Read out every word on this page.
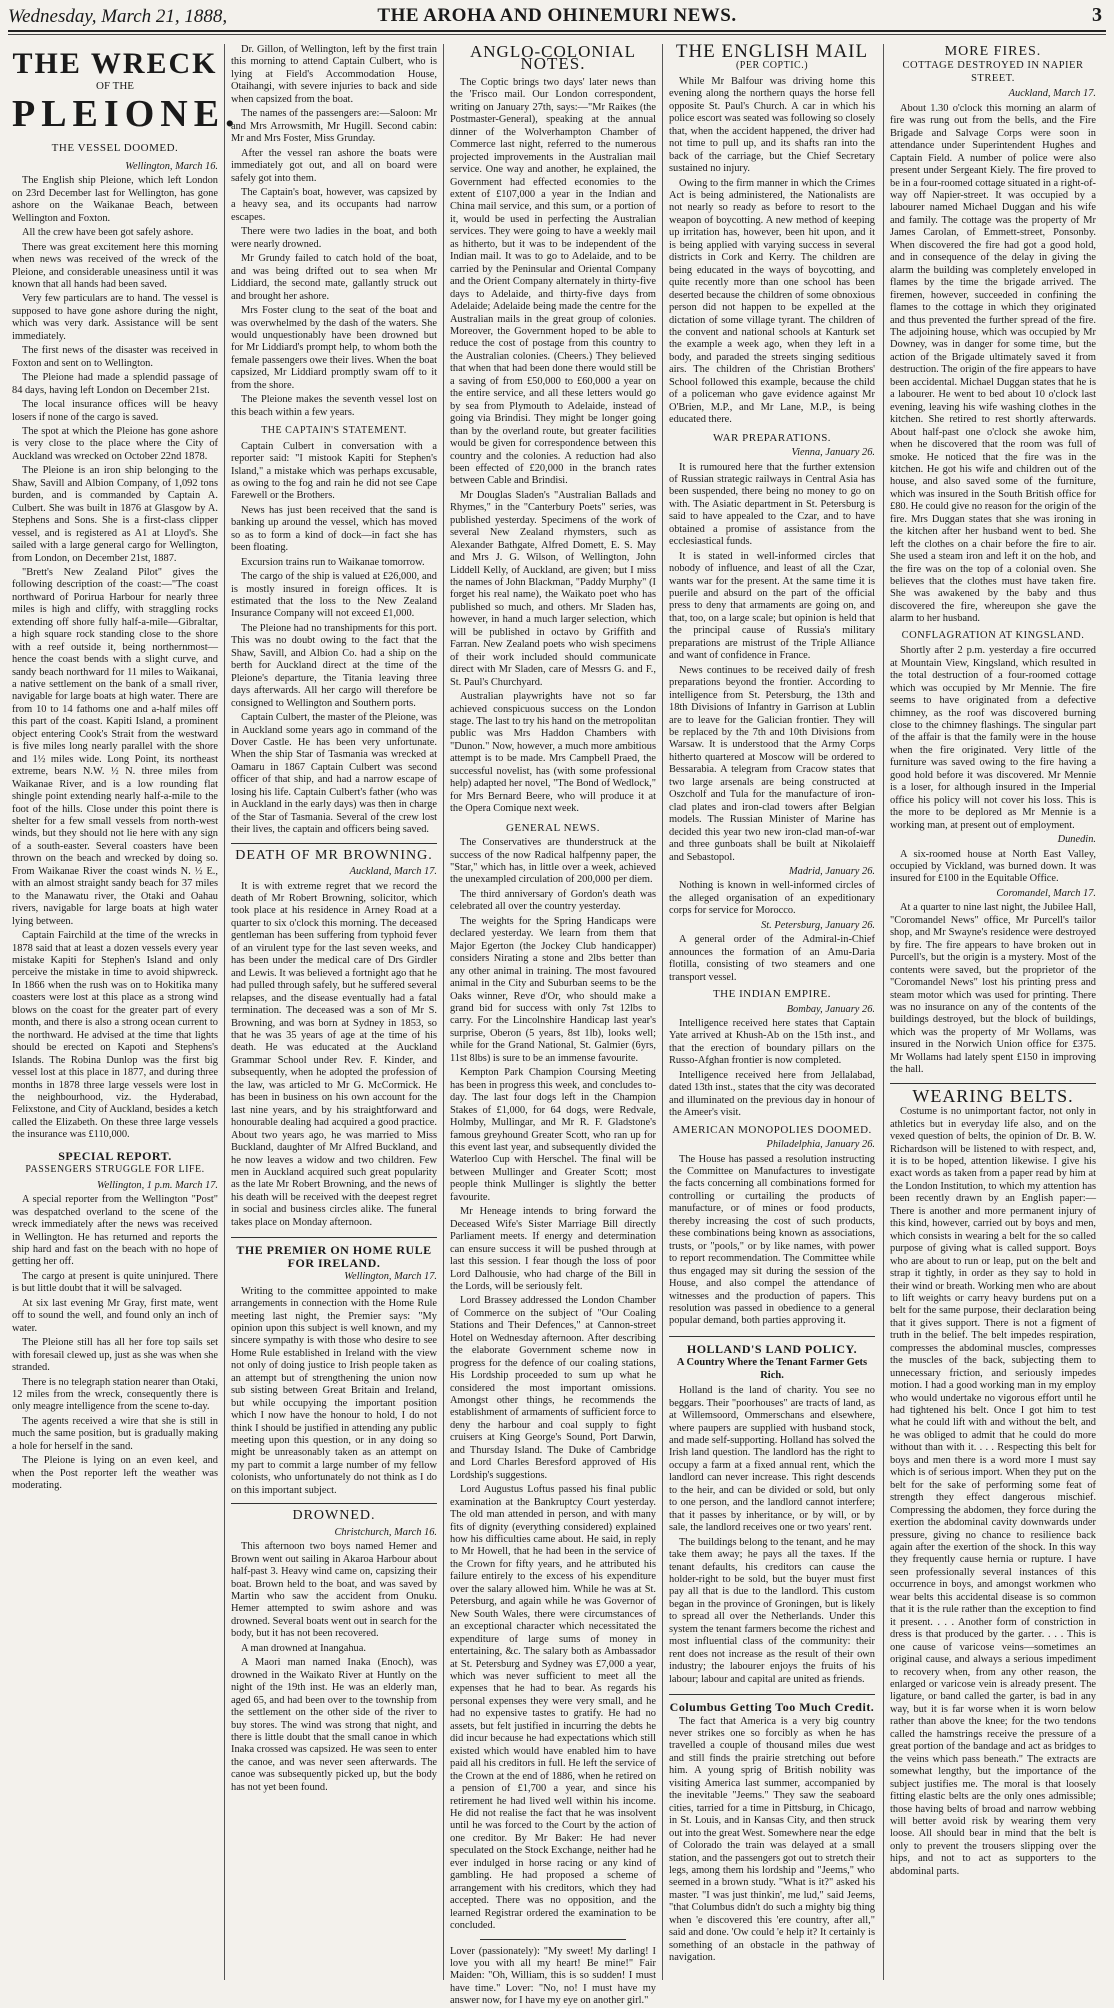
Wednesday, March 21, 1888,	THE AROHA AND OHINEMURI NEWS.	3
THE WRECK
OF THE
PLEIONE.
THE VESSEL DOOMED.
Wellington, March 16.

The English ship Pleione, which left London on 23rd December last for Wellington, has gone ashore on the Waikanae Beach, between Wellington and Foxton.

All the crew have been got safely ashore.

There was great excitement here this morning when news was received of the wreck of the Pleione, and considerable uneasiness until it was known that all hands had been saved.

Very few particulars are to hand. The vessel is supposed to have gone ashore during the night, which was very dark. Assistance will be sent immediately.

The first news of the disaster was received in Foxton and sent on to Wellington.

The Pleione had made a splendid passage of 84 days, having left London on December 21st.

The local insurance offices will be heavy losers if none of the cargo is saved.

The spot at which the Pleione has gone ashore is very close to the place where the City of Auckland was wrecked on October 22nd 1878.

The Pleione is an iron ship belonging to the Shaw, Savill and Albion Company, of 1,092 tons burden, and is commanded by Captain A. Culbert. She was built in 1876 at Glasgow by A. Stephens and Sons. She is a first-class clipper vessel, and is registered as A1 at Lloyd's. She sailed with a large general cargo for Wellington, from London, on December 21st, 1887.

"Brett's New Zealand Pilot" gives the following description of the coast:—"The coast northward of Porirua Harbour for nearly three miles is high and cliffy, with straggling rocks extending off shore fully half-a-mile—Gibraltar, a high square rock standing close to the shore with a reef outside it, being northernmost—hence the coast bends with a slight curve, and sandy beach northward for 11 miles to Waikanai, a native settlement on the bank of a small river, navigable for large boats at high water. There are from 10 to 14 fathoms one and a-half miles off this part of the coast. Kapiti Island, a prominent object entering Cook's Strait from the westward is five miles long nearly parallel with the shore and 1½ miles wide. Long Point, its northeast extreme, bears N.W. ½ N. three miles from Waikanae River, and is a low rounding flat shingle point extending nearly half-a-mile to the foot of the hills. Close under this point there is shelter for a few small vessels from north-west winds, but they should not lie here with any sign of a south-easter. Several coasters have been thrown on the beach and wrecked by doing so. From Waikanae River the coast winds N. ½ E., with an almost straight sandy beach for 37 miles to the Manawatu river, the Otaki and Oahau rivers, navigable for large boats at high water lying between.

Captain Fairchild at the time of the wrecks in 1878 said that at least a dozen vessels every year mistake Kapiti for Stephen's Island and only perceive the mistake in time to avoid shipwreck. In 1866 when the rush was on to Hokitika many coasters were lost at this place as a strong wind blows on the coast for the greater part of every month, and there is also a strong ocean current to the northward. He advised at the time that lights should be erected on Kapoti and Stephens's Islands. The Robina Dunlop was the first big vessel lost at this place in 1877, and during three months in 1878 three large vessels were lost in the neighbourhood, viz. the Hyderabad, Felixstone, and City of Auckland, besides a ketch called the Elizabeth. On these three large vessels the insurance was £110,000.

SPECIAL REPORT.
PASSENGERS STRUGGLE FOR LIFE.
Wellington, 1 p.m. March 17.

A special reporter from the Wellington "Post" was despatched overland to the scene of the wreck immediately after the news was received in Wellington. He has returned and reports the ship hard and fast on the beach with no hope of getting her off.

The cargo at present is quite uninjured. There is but little doubt that it will be salvaged.

At six last evening Mr Gray, first mate, went off to sound the well, and found only an inch of water.

The Pleione still has all her fore top sails set with foresail clewed up, just as she was when she stranded.

There is no telegraph station nearer than Otaki, 12 miles from the wreck, consequently there is only meagre intelligence from the scene to-day.

The agents received a wire that she is still in much the same position, but is gradually making a hole for herself in the sand.

The Pleione is lying on an even keel, and when the Post reporter left the weather was moderating.

Dr. Gillon, of Wellington, left by the first train this morning to attend Captain Culbert, who is lying at Field's Accommodation House, Otaihangi, with severe injuries to back and side when capsized from the boat.

The names of the passengers are:—Saloon: Mr and Mrs Arrowsmith, Mr Hugill. Second cabin: Mr and Mrs Foster, Miss Grunday.

After the vessel ran ashore the boats were immediately got out, and all on board were safely got into them.

The Captain's boat, however, was capsized by a heavy sea, and its occupants had narrow escapes.

There were two ladies in the boat, and both were nearly drowned.

Mr Grundy failed to catch hold of the boat, and was being drifted out to sea when Mr Liddiard, the second mate, gallantly struck out and brought her ashore.

Mrs Foster clung to the seat of the boat and was overwhelmed by the dash of the waters. She would unquestionably have been drowned but for Mr Liddiard's prompt help, to whom both the female passengers owe their lives. When the boat capsized, Mr Liddiard promptly swam off to it from the shore.

The Pleione makes the seventh vessel lost on this beach within a few years.

THE CAPTAIN'S STATEMENT.

Captain Culbert in conversation with a reporter said: "I mistook Kapiti for Stephen's Island," a mistake which was perhaps excusable, as owing to the fog and rain he did not see Cape Farewell or the Brothers.

News has just been received that the sand is banking up around the vessel, which has moved so as to form a kind of dock—in fact she has been floating.

Excursion trains run to Waikanae tomorrow.

The cargo of the ship is valued at £26,000, and is mostly insured in foreign offices. It is estimated that the loss to the New Zealand Insurance Company will not exceed £1,000.

The Pleione had no transhipments for this port. This was no doubt owing to the fact that the Shaw, Savill, and Albion Co. had a ship on the berth for Auckland direct at the time of the Pleione's departure, the Titania leaving three days afterwards. All her cargo will therefore be consigned to Wellington and Southern ports.

Captain Culbert, the master of the Pleione, was in Auckland some years ago in command of the Dover Castle. He has been very unfortunate. When the ship Star of Tasmania was wrecked at Oamaru in 1867 Captain Culbert was second officer of that ship, and had a narrow escape of losing his life. Captain Culbert's father (who was in Auckland in the early days) was then in charge of the Star of Tasmania. Several of the crew lost their lives, the captain and officers being saved.

DEATH OF MR BROWNING.
Auckland, March 17.

It is with extreme regret that we record the death of Mr Robert Browning, solicitor, which took place at his residence in Arney Road at a quarter to six o'clock this morning. The deceased gentleman has been suffering from typhoid fever of an virulent type for the last seven weeks, and has been under the medical care of Drs Girdler and Lewis. It was believed a fortnight ago that he had pulled through safely, but he suffered several relapses, and the disease eventually had a fatal termination. The deceased was a son of Mr S. Browning, and was born at Sydney in 1853, so that he was 35 years of age at the time of his death. He was educated at the Auckland Grammar School under Rev. F. Kinder, and subsequently, when he adopted the profession of the law, was articled to Mr G. McCormick. He has been in business on his own account for the last nine years, and by his straightforward and honourable dealing had acquired a good practice. About two years ago, he was married to Miss Buckland, daughter of Mr Alfred Buckland, and he now leaves a widow and two children. Few men in Auckland acquired such great popularity as the late Mr Robert Browning, and the news of his death will be received with the deepest regret in social and business circles alike. The funeral takes place on Monday afternoon.

THE PREMIER ON HOME RULE FOR IRELAND.
Wellington, March 17.

Writing to the committee appointed to make arrangements in connection with the Home Rule meeting last night, the Premier says: "My opinion upon this subject is well known, and my sincere sympathy is with those who desire to see Home Rule established in Ireland with the view not only of doing justice to Irish people taken as an attempt but of strengthening the union now sub sisting between Great Britain and Ireland, but while occupying the important position which I now have the honour to hold, I do not think I should be justified in attending any public meeting upon this question, or in any doing so might be unreasonably taken as an attempt on my part to commit a large number of my fellow colonists, who unfortunately do not think as I do on this important subject.

DROWNED.
Christchurch, March 16.

This afternoon two boys named Hemer and Brown went out sailing in Akaroa Harbour about half-past 3. Heavy wind came on, capsizing their boat. Brown held to the boat, and was saved by Martin who saw the accident from Onuku. Hemer attempted to swim ashore and was drowned. Several boats went out in search for the body, but it has not been recovered.

A man drowned at Inangahua.

A Maori man named Inaka (Enoch), was drowned in the Waikato River at Huntly on the night of the 19th inst. He was an elderly man, aged 65, and had been over to the township from the settlement on the other side of the river to buy stores. The wind was strong that night, and there is little doubt that the small canoe in which Inaka crossed was capsized. He was seen to enter the canoe, and was never seen afterwards. The canoe was subsequently picked up, but the body has not yet been found.

ANGLO-COLONIAL NOTES.

The Coptic brings two days' later news than the 'Frisco mail. Our London correspondent, writing on January 27th, says:—"Mr Raikes (the Postmaster-General), speaking at the annual dinner of the Wolverhampton Chamber of Commerce last night, referred to the numerous projected improvements in the Australian mail service. One way and another, he explained, the Government had effected economies to the extent of £107,000 a year in the Indian and China mail service, and this sum, or a portion of it, would be used in perfecting the Australian services. They were going to have a weekly mail as hitherto, but it was to be independent of the Indian mail. It was to go to Adelaide, and to be carried by the Peninsular and Oriental Company and the Orient Company alternately in thirty-five days to Adelaide, and thirty-five days from Adelaide; Adelaide being made the centre for the Australian mails in the great group of colonies. Moreover, the Government hoped to be able to reduce the cost of postage from this country to the Australian colonies. (Cheers.) They believed that when that had been done there would still be a saving of from £50,000 to £60,000 a year on the entire service, and all these letters would go by sea from Plymouth to Adelaide, instead of going via Brindisi. They might be longer going than by the overland route, but greater facilities would be given for correspondence between this country and the colonies. A reduction had also been effected of £20,000 in the branch rates between Cable and Brindisi.

Mr Douglas Sladen's "Australian Ballads and Rhymes," in the "Canterbury Poets" series, was published yesterday. Specimens of the work of several New Zealand rhymsters, such as Alexander Bathgate, Alfred Domett, E. S. May and Mrs J. G. Wilson, of Wellington, John Liddell Kelly, of Auckland, are given; but I miss the names of John Blackman, "Paddy Murphy" (I forget his real name), the Waikato poet who has published so much, and others. Mr Sladen has, however, in hand a much larger selection, which will be published in octavo by Griffith and Farran. New Zealand poets who wish specimens of their work included should communicate direct with Mr Sladen, care of Messrs G. and F., St. Paul's Churchyard.

Australian playwrights have not so far achieved conspicuous success on the London stage. The last to try his hand on the metropolitan public was Mrs Haddon Chambers with "Dunon." Now, however, a much more ambitious attempt is to be made. Mrs Campbell Praed, the successful novelist, has (with some professional help) adapted her novel, "The Bond of Wedlock," for Mrs Bernard Beere, who will produce it at the Opera Comique next week.

GENERAL NEWS.

The Conservatives are thunderstruck at the success of the now Radical halfpenny paper, the "Star," which has, in little over a week, achieved the unexampled circulation of 200,000 per diem.

The third anniversary of Gordon's death was celebrated all over the country yesterday.

The weights for the Spring Handicaps were declared yesterday. We learn from them that Major Egerton (the Jockey Club handicapper) considers Nirating a stone and 2lbs better than any other animal in training. The most favoured animal in the City and Suburban seems to be the Oaks winner, Reve d'Or, who should make a grand bid for success with only 7st 12lbs to carry. For the Lincolnshire Handicap last year's surprise, Oberon (5 years, 8st 1lb), looks well; while for the Grand National, St. Galmier (6yrs, 11st 8lbs) is sure to be an immense favourite.

Kempton Park Champion Coursing Meeting has been in progress this week, and concludes to-day. The last four dogs left in the Champion Stakes of £1,000, for 64 dogs, were Redvale, Holmby, Mullingar, and Mr R. F. Gladstone's famous greyhound Greater Scott, who ran up for this event last year, and subsequently divided the Waterloo Cup with Herschel. The final will be between Mullinger and Greater Scott; most people think Mullinger is slightly the better favourite.

Mr Heneage intends to bring forward the Deceased Wife's Sister Marriage Bill directly Parliament meets. If energy and determination can ensure success it will be pushed through at last this session. I fear though the loss of poor Lord Dalhousie, who had charge of the Bill in the Lords, will be seriously felt.

Lord Brassey addressed the London Chamber of Commerce on the subject of "Our Coaling Stations and Their Defences," at Cannon-street Hotel on Wednesday afternoon. After describing the elaborate Government scheme now in progress for the defence of our coaling stations, His Lordship proceeded to sum up what he considered the most important omissions. Amongst other things, he recommends the establishment of armaments of sufficient force to deny the harbour and coal supply to fight cruisers at King George's Sound, Port Darwin, and Thursday Island. The Duke of Cambridge and Lord Charles Beresford approved of His Lordship's suggestions.

Lord Augustus Loftus passed his final public examination at the Bankruptcy Court yesterday. The old man attended in person, and with many fits of dignity (everything considered) explained how his difficulties came about. He said, in reply to Mr Howell, that he had been in the service of the Crown for fifty years, and he attributed his failure entirely to the excess of his expenditure over the salary allowed him. While he was at St. Petersburg, and again while he was Governor of New South Wales, there were circumstances of an exceptional character which necessitated the expenditure of large sums of money in entertaining, &c. The salary both as Ambassador at St. Petersburg and Sydney was £7,000 a year, which was never sufficient to meet all the expenses that he had to bear. As regards his personal expenses they were very small, and he had no expensive tastes to gratify. He had no assets, but felt justified in incurring the debts he did incur because he had expectations which still existed which would have enabled him to have paid all his creditors in full. He left the service of the Crown at the end of 1886, when he retired on a pension of £1,700 a year, and since his retirement he had lived well within his income. He did not realise the fact that he was insolvent until he was forced to the Court by the action of one creditor. By Mr Baker: He had never speculated on the Stock Exchange, neither had he ever indulged in horse racing or any kind of gambling. He had proposed a scheme of arrangement with his creditors, which they had accepted. There was no opposition, and the learned Registrar ordered the examination to be concluded.

Lover (passionately): "My sweet! My darling! I love you with all my heart! Be mine!" Fair Maiden: "Oh, William, this is so sudden! I must have time." Lover: "No, no! I must have my answer now, for I have my eye on another girl."

THE ENGLISH MAIL
(PER COPTIC.)

While Mr Balfour was driving home this evening along the northern quays the horse fell opposite St. Paul's Church. A car in which his police escort was seated was following so closely that, when the accident happened, the driver had not time to pull up, and its shafts ran into the back of the carriage, but the Chief Secretary sustained no injury.

Owing to the firm manner in which the Crimes Act is being administered, the Nationalists are not nearly so ready as before to resort to the weapon of boycotting. A new method of keeping up irritation has, however, been hit upon, and it is being applied with varying success in several districts in Cork and Kerry. The children are being educated in the ways of boycotting, and quite recently more than one school has been deserted because the children of some obnoxious person did not happen to be expelled at the dictation of some village tyrant. The children of the convent and national schools at Kanturk set the example a week ago, when they left in a body, and paraded the streets singing seditious airs. The children of the Christian Brothers' School followed this example, because the child of a policeman who gave evidence against Mr O'Brien, M.P., and Mr Lane, M.P., is being educated there.

WAR PREPARATIONS.
Vienna, January 26.

It is rumoured here that the further extension of Russian strategic railways in Central Asia has been suspended, there being no money to go on with. The Asiatic department in St. Petersburg is said to have appealed to the Czar, and to have obtained a promise of assistance from the ecclesiastical funds.

It is stated in well-informed circles that nobody of influence, and least of all the Czar, wants war for the present. At the same time it is puerile and absurd on the part of the official press to deny that armaments are going on, and that, too, on a large scale; but opinion is held that the principal cause of Russia's military preparations are mistrust of the Triple Alliance and want of confidence in France.

News continues to be received daily of fresh preparations beyond the frontier. According to intelligence from St. Petersburg, the 13th and 18th Divisions of Infantry in Garrison at Lublin are to leave for the Galician frontier. They will be replaced by the 7th and 10th Divisions from Warsaw. It is understood that the Army Corps hitherto quartered at Moscow will be ordered to Bessarabia. A telegram from Cracow states that two large arsenals are being constructed at Oszcholf and Tula for the manufacture of iron-clad plates and iron-clad towers after Belgian models. The Russian Minister of Marine has decided this year two new iron-clad man-of-war and three gunboats shall be built at Nikolaieff and Sebastopol.

Madrid, January 26.

Nothing is known in well-informed circles of the alleged organisation of an expeditionary corps for service for Morocco.

St. Petersburg, January 26.

A general order of the Admiral-in-Chief announces the formation of an Amu-Daria flotilla, consisting of two steamers and one transport vessel.

THE INDIAN EMPIRE.
Bombay, January 26.

Intelligence received here states that Captain Yate arrived at Khush-Ab on the 15th inst., and that the erection of boundary pillars on the Russo-Afghan frontier is now completed.

Intelligence received here from Jellalabad, dated 13th inst., states that the city was decorated and illuminated on the previous day in honour of the Ameer's visit.

AMERICAN MONOPOLIES DOOMED.
Philadelphia, January 26.

The House has passed a resolution instructing the Committee on Manufactures to investigate the facts concerning all combinations formed for controlling or curtailing the products of manufacture, or of mines or food products, thereby increasing the cost of such products, these combinations being known as associations, trusts, or "pools," or by like names, with power to report recommendation. The Committee while thus engaged may sit during the session of the House, and also compel the attendance of witnesses and the production of papers. This resolution was passed in obedience to a general popular demand, both parties approving it.

HOLLAND'S LAND POLICY.
A Country Where the Tenant Farmer Gets Rich.

Holland is the land of charity. You see no beggars. Their "poorhouses" are tracts of land, as at Willemsoord, Ommerschans and elsewhere, where paupers are supplied with husband stock, and made self-supporting. Holland has solved the Irish land question. The landlord has the right to occupy a farm at a fixed annual rent, which the landlord can never increase. This right descends to the heir, and can be divided or sold, but only to one person, and the landlord cannot interfere; that it passes by inheritance, or by will, or by sale, the landlord receives one or two years' rent.

The buildings belong to the tenant, and he may take them away; he pays all the taxes. If the tenant defaults, his creditors can cause the holder-right to be sold, but the buyer must first pay all that is due to the landlord. This custom began in the province of Groningen, but is likely to spread all over the Netherlands. Under this system the tenant farmers become the richest and most influential class of the community: their rent does not increase as the result of their own industry; the labourer enjoys the fruits of his labour; labour and capital are united as friends.

Columbus Getting Too Much Credit.

The fact that America is a very big country never strikes one so forcibly as when he has travelled a couple of thousand miles due west and still finds the prairie stretching out before him. A young sprig of British nobility was visiting America last summer, accompanied by the inevitable "Jeems." They saw the seaboard cities, tarried for a time in Pittsburg, in Chicago, in St. Louis, and in Kansas City, and then struck out into the great West. Somewhere near the edge of Colorado the train was delayed at a small station, and the passengers got out to stretch their legs, among them his lordship and "Jeems," who seemed in a brown study. "What is it?" asked his master. "I was just thinkin', me lud," said Jeems, "that Columbus didn't do such a mighty big thing when 'e discovered this 'ere country, after all," said and done. 'Ow could 'e help it? It certainly is something of an obstacle in the pathway of navigation.

MORE FIRES.
COTTAGE DESTROYED IN NAPIER STREET.
Auckland, March 17.

About 1.30 o'clock this morning an alarm of fire was rung out from the bells, and the Fire Brigade and Salvage Corps were soon in attendance under Superintendent Hughes and Captain Field. A number of police were also present under Sergeant Kiely. The fire proved to be in a four-roomed cottage situated in a right-of-way off Napier-street. It was occupied by a labourer named Michael Duggan and his wife and family. The cottage was the property of Mr James Carolan, of Emmett-street, Ponsonby. When discovered the fire had got a good hold, and in consequence of the delay in giving the alarm the building was completely enveloped in flames by the time the brigade arrived. The firemen, however, succeeded in confining the flames to the cottage in which they originated and thus prevented the further spread of the fire. The adjoining house, which was occupied by Mr Downey, was in danger for some time, but the action of the Brigade ultimately saved it from destruction. The origin of the fire appears to have been accidental. Michael Duggan states that he is a labourer. He went to bed about 10 o'clock last evening, leaving his wife washing clothes in the kitchen. She retired to rest shortly afterwards. About half-past one o'clock she awoke him, when he discovered that the room was full of smoke. He noticed that the fire was in the kitchen. He got his wife and children out of the house, and also saved some of the furniture, which was insured in the South British office for £80. He could give no reason for the origin of the fire. Mrs Duggan states that she was ironing in the kitchen after her husband went to bed. She left the clothes on a chair before the fire to air. She used a steam iron and left it on the hob, and the fire was on the top of a colonial oven. She believes that the clothes must have taken fire. She was awakened by the baby and thus discovered the fire, whereupon she gave the alarm to her husband.

CONFLAGRATION AT KINGSLAND.

Shortly after 2 p.m. yesterday a fire occurred at Mountain View, Kingsland, which resulted in the total destruction of a four-roomed cottage which was occupied by Mr Mennie. The fire seems to have originated from a defective chimney, as the roof was discovered burning close to the chimney flashings. The singular part of the affair is that the family were in the house when the fire originated. Very little of the furniture was saved owing to the fire having a good hold before it was discovered. Mr Mennie is a loser, for although insured in the Imperial office his policy will not cover his loss. This is the more to be deplored as Mr Mennie is a working man, at present out of employment.

Dunedin.

A six-roomed house at North East Valley, occupied by Vickland, was burned down. It was insured for £100 in the Equitable Office.

Coromandel, March 17.

At a quarter to nine last night, the Jubilee Hall, "Coromandel News" office, Mr Purcell's tailor shop, and Mr Swayne's residence were destroyed by fire. The fire appears to have broken out in Purcell's, but the origin is a mystery. Most of the contents were saved, but the proprietor of the "Coromandel News" lost his printing press and steam motor which was used for printing. There was no insurance on any of the contents of the buildings destroyed, but the block of buildings, which was the property of Mr Wollams, was insured in the Norwich Union office for £375. Mr Wollams had lately spent £150 in improving the hall.

WEARING BELTS.

Costume is no unimportant factor, not only in athletics but in everyday life also, and on the vexed question of belts, the opinion of Dr. B. W. Richardson will be listened to with respect, and, it is to be hoped, attention likewise. I give his exact words as taken from a paper read by him at the London Institution, to which my attention has been recently drawn by an English paper:—There is another and more permanent injury of this kind, however, carried out by boys and men, which consists in wearing a belt for the so called purpose of giving what is called support. Boys who are about to run or leap, put on the belt and strap it tightly, in order as they say to hold in their wind or breath. Working men who are about to lift weights or carry heavy burdens put on a belt for the same purpose, their declaration being that it gives support. There is not a figment of truth in the belief. The belt impedes respiration, compresses the abdominal muscles, compresses the muscles of the back, subjecting them to unnecessary friction, and seriously impedes motion. I had a good working man in my employ who would undertake no vigorous effort until he had tightened his belt. Once I got him to test what he could lift with and without the belt, and he was obliged to admit that he could do more without than with it. . . . Respecting this belt for boys and men there is a word more I must say which is of serious import. When they put on the belt for the sake of performing some feat of strength they effect dangerous mischief. Compressing the abdomen, they force during the exertion the abdominal cavity downwards under pressure, giving no chance to resilience back again after the exertion of the shock. In this way they frequently cause hernia or rupture. I have seen professionally several instances of this occurrence in boys, and amongst workmen who wear belts this accidental disease is so common that it is the rule rather than the exception to find it present. . . . Another form of constriction in dress is that produced by the garter. . . . This is one cause of varicose veins—sometimes an original cause, and always a serious impediment to recovery when, from any other reason, the enlarged or varicose vein is already present. The ligature, or band called the garter, is bad in any way, but it is far worse when it is worn below rather than above the knee; for the two tendons called the hamstrings receive the pressure of a great portion of the bandage and act as bridges to the veins which pass beneath." The extracts are somewhat lengthy, but the importance of the subject justifies me. The moral is that loosely fitting elastic belts are the only ones admissible; those having belts of broad and narrow webbing will better avoid risk by wearing them very loose. All should bear in mind that the belt is only to prevent the trousers slipping over the hips, and not to act as supporters to the abdominal parts.
